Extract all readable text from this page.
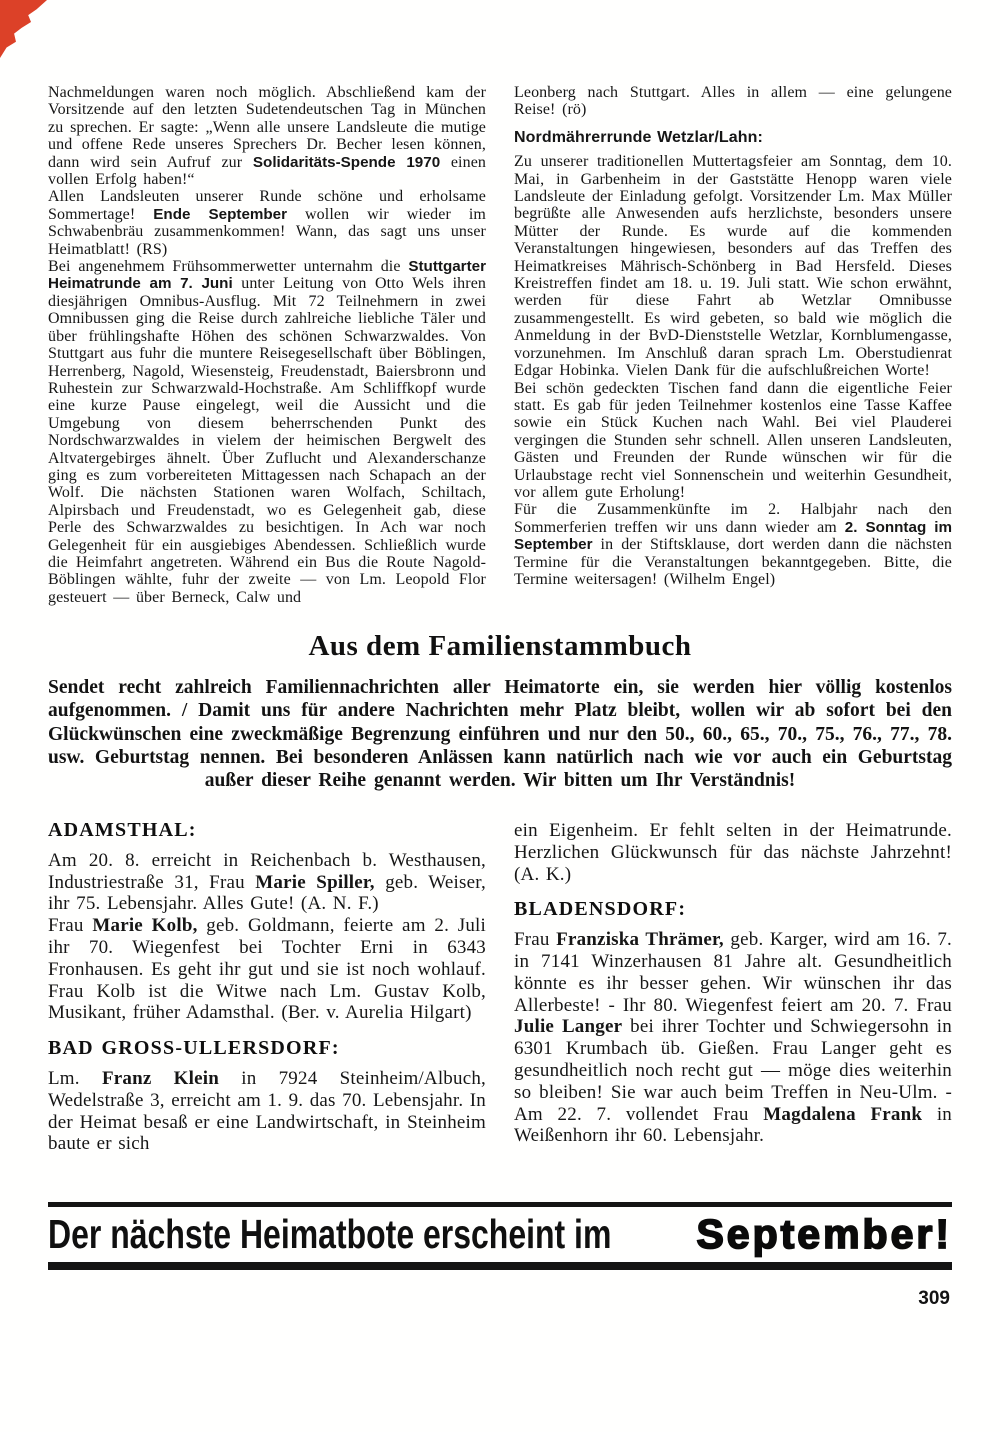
Nachmeldungen waren noch möglich. Abschließend kam der Vorsitzende auf den letzten Sudetendeutschen Tag in München zu sprechen. Er sagte: „Wenn alle unsere Landsleute die mutige und offene Rede unseres Sprechers Dr. Becher lesen können, dann wird sein Aufruf zur Solidaritäts-Spende 1970 einen vollen Erfolg haben!“

Allen Landsleuten unserer Runde schöne und erholsame Sommertage! Ende September wollen wir wieder im Schwabenbräu zusammenkommen! Wann, das sagt uns unser Heimatblatt! (RS)

Bei angenehmem Frühsommerwetter unternahm die Stuttgarter Heimatrunde am 7. Juni unter Leitung von Otto Wels ihren diesjährigen Omnibus-Ausflug. Mit 72 Teilnehmern in zwei Omnibussen ging die Reise durch zahlreiche liebliche Täler und über frühlingshafte Höhen des schönen Schwarzwaldes. Von Stuttgart aus fuhr die muntere Reisegesellschaft über Böblingen, Herrenberg, Nagold, Wiesensteig, Freudenstadt, Baiersbronn und Ruhestein zur Schwarzwald-Hochstraße. Am Schliffkopf wurde eine kurze Pause eingelegt, weil die Aussicht und die Umgebung von diesem beherrschenden Punkt des Nordschwarzwaldes in vielem der heimischen Bergwelt des Altvatergebirges ähnelt. Über Zuflucht und Alexanderschanze ging es zum vorbereiteten Mittagessen nach Schapach an der Wolf. Die nächsten Stationen waren Wolfach, Schiltach, Alpirsbach und Freudenstadt, wo es Gelegenheit gab, diese Perle des Schwarzwaldes zu besichtigen. In Ach war noch Gelegenheit für ein ausgiebiges Abendessen. Schließlich wurde die Heimfahrt angetreten. Während ein Bus die Route Nagold-Böblingen wählte, fuhr der zweite — von Lm. Leopold Flor gesteuert — über Berneck, Calw und

Leonberg nach Stuttgart. Alles in allem — eine gelungene Reise! (rö)

Nordmährerrunde Wetzlar/Lahn:

Zu unserer traditionellen Muttertagsfeier am Sonntag, dem 10. Mai, in Garbenheim in der Gaststätte Henopp waren viele Landsleute der Einladung gefolgt. Vorsitzender Lm. Max Müller begrüßte alle Anwesenden aufs herzlichste, besonders unsere Mütter der Runde. Es wurde auf die kommenden Veranstaltungen hingewiesen, besonders auf das Treffen des Heimatkreises Mährisch-Schönberg in Bad Hersfeld. Dieses Kreistreffen findet am 18. u. 19. Juli statt. Wie schon erwähnt, werden für diese Fahrt ab Wetzlar Omnibusse zusammengestellt. Es wird gebeten, so bald wie möglich die Anmeldung in der BvD-Dienststelle Wetzlar, Kornblumengasse, vorzunehmen. Im Anschluß daran sprach Lm. Oberstudienrat Edgar Hobinka. Vielen Dank für die aufschlußreichen Worte!

Bei schön gedeckten Tischen fand dann die eigentliche Feier statt. Es gab für jeden Teilnehmer kostenlos eine Tasse Kaffee sowie ein Stück Kuchen nach Wahl. Bei viel Plauderei vergingen die Stunden sehr schnell. Allen unseren Landsleuten, Gästen und Freunden der Runde wünschen wir für die Urlaubstage recht viel Sonnenschein und weiterhin Gesundheit, vor allem gute Erholung!

Für die Zusammenkünfte im 2. Halbjahr nach den Sommerferien treffen wir uns dann wieder am 2. Sonntag im September in der Stiftsklause, dort werden dann die nächsten Termine für die Veranstaltungen bekanntgegeben. Bitte, die Termine weitersagen! (Wilhelm Engel)

Aus dem Familienstammbuch

Sendet recht zahlreich Familiennachrichten aller Heimatorte ein, sie werden hier völlig kostenlos aufgenommen. / Damit uns für andere Nachrichten mehr Platz bleibt, wollen wir ab sofort bei den Glückwünschen eine zweckmäßige Begrenzung einführen und nur den 50., 60., 65., 70., 75., 76., 77., 78. usw. Geburtstag nennen. Bei besonderen Anlässen kann natürlich nach wie vor auch ein Geburtstag außer dieser Reihe genannt werden. Wir bitten um Ihr Verständnis!

ADAMSTHAL:

Am 20. 8. erreicht in Reichenbach b. Westhausen, Industriestraße 31, Frau Marie Spiller, geb. Weiser, ihr 75. Lebensjahr. Alles Gute! (A. N. F.)

Frau Marie Kolb, geb. Goldmann, feierte am 2. Juli ihr 70. Wiegenfest bei Tochter Erni in 6343 Fronhausen. Es geht ihr gut und sie ist noch wohlauf. Frau Kolb ist die Witwe nach Lm. Gustav Kolb, Musikant, früher Adamsthal. (Ber. v. Aurelia Hilgart)

BAD GROSS-ULLERSDORF:

Lm. Franz Klein in 7924 Steinheim/Albuch, Wedelstraße 3, erreicht am 1. 9. das 70. Lebensjahr. In der Heimat besaß er eine Landwirtschaft, in Steinheim baute er sich

ein Eigenheim. Er fehlt selten in der Heimatrunde. Herzlichen Glückwunsch für das nächste Jahrzehnt! (A. K.)

BLADENSDORF:

Frau Franziska Thrämer, geb. Karger, wird am 16. 7. in 7141 Winzerhausen 81 Jahre alt. Gesundheitlich könnte es ihr besser gehen. Wir wünschen ihr das Allerbeste! - Ihr 80. Wiegenfest feiert am 20. 7. Frau Julie Langer bei ihrer Tochter und Schwiegersohn in 6301 Krumbach üb. Gießen. Frau Langer geht es gesundheitlich noch recht gut — möge dies weiterhin so bleiben! Sie war auch beim Treffen in Neu-Ulm. - Am 22. 7. vollendet Frau Magdalena Frank in Weißenhorn ihr 60. Lebensjahr.

Der nächste Heimatbote erscheint im September!
309
